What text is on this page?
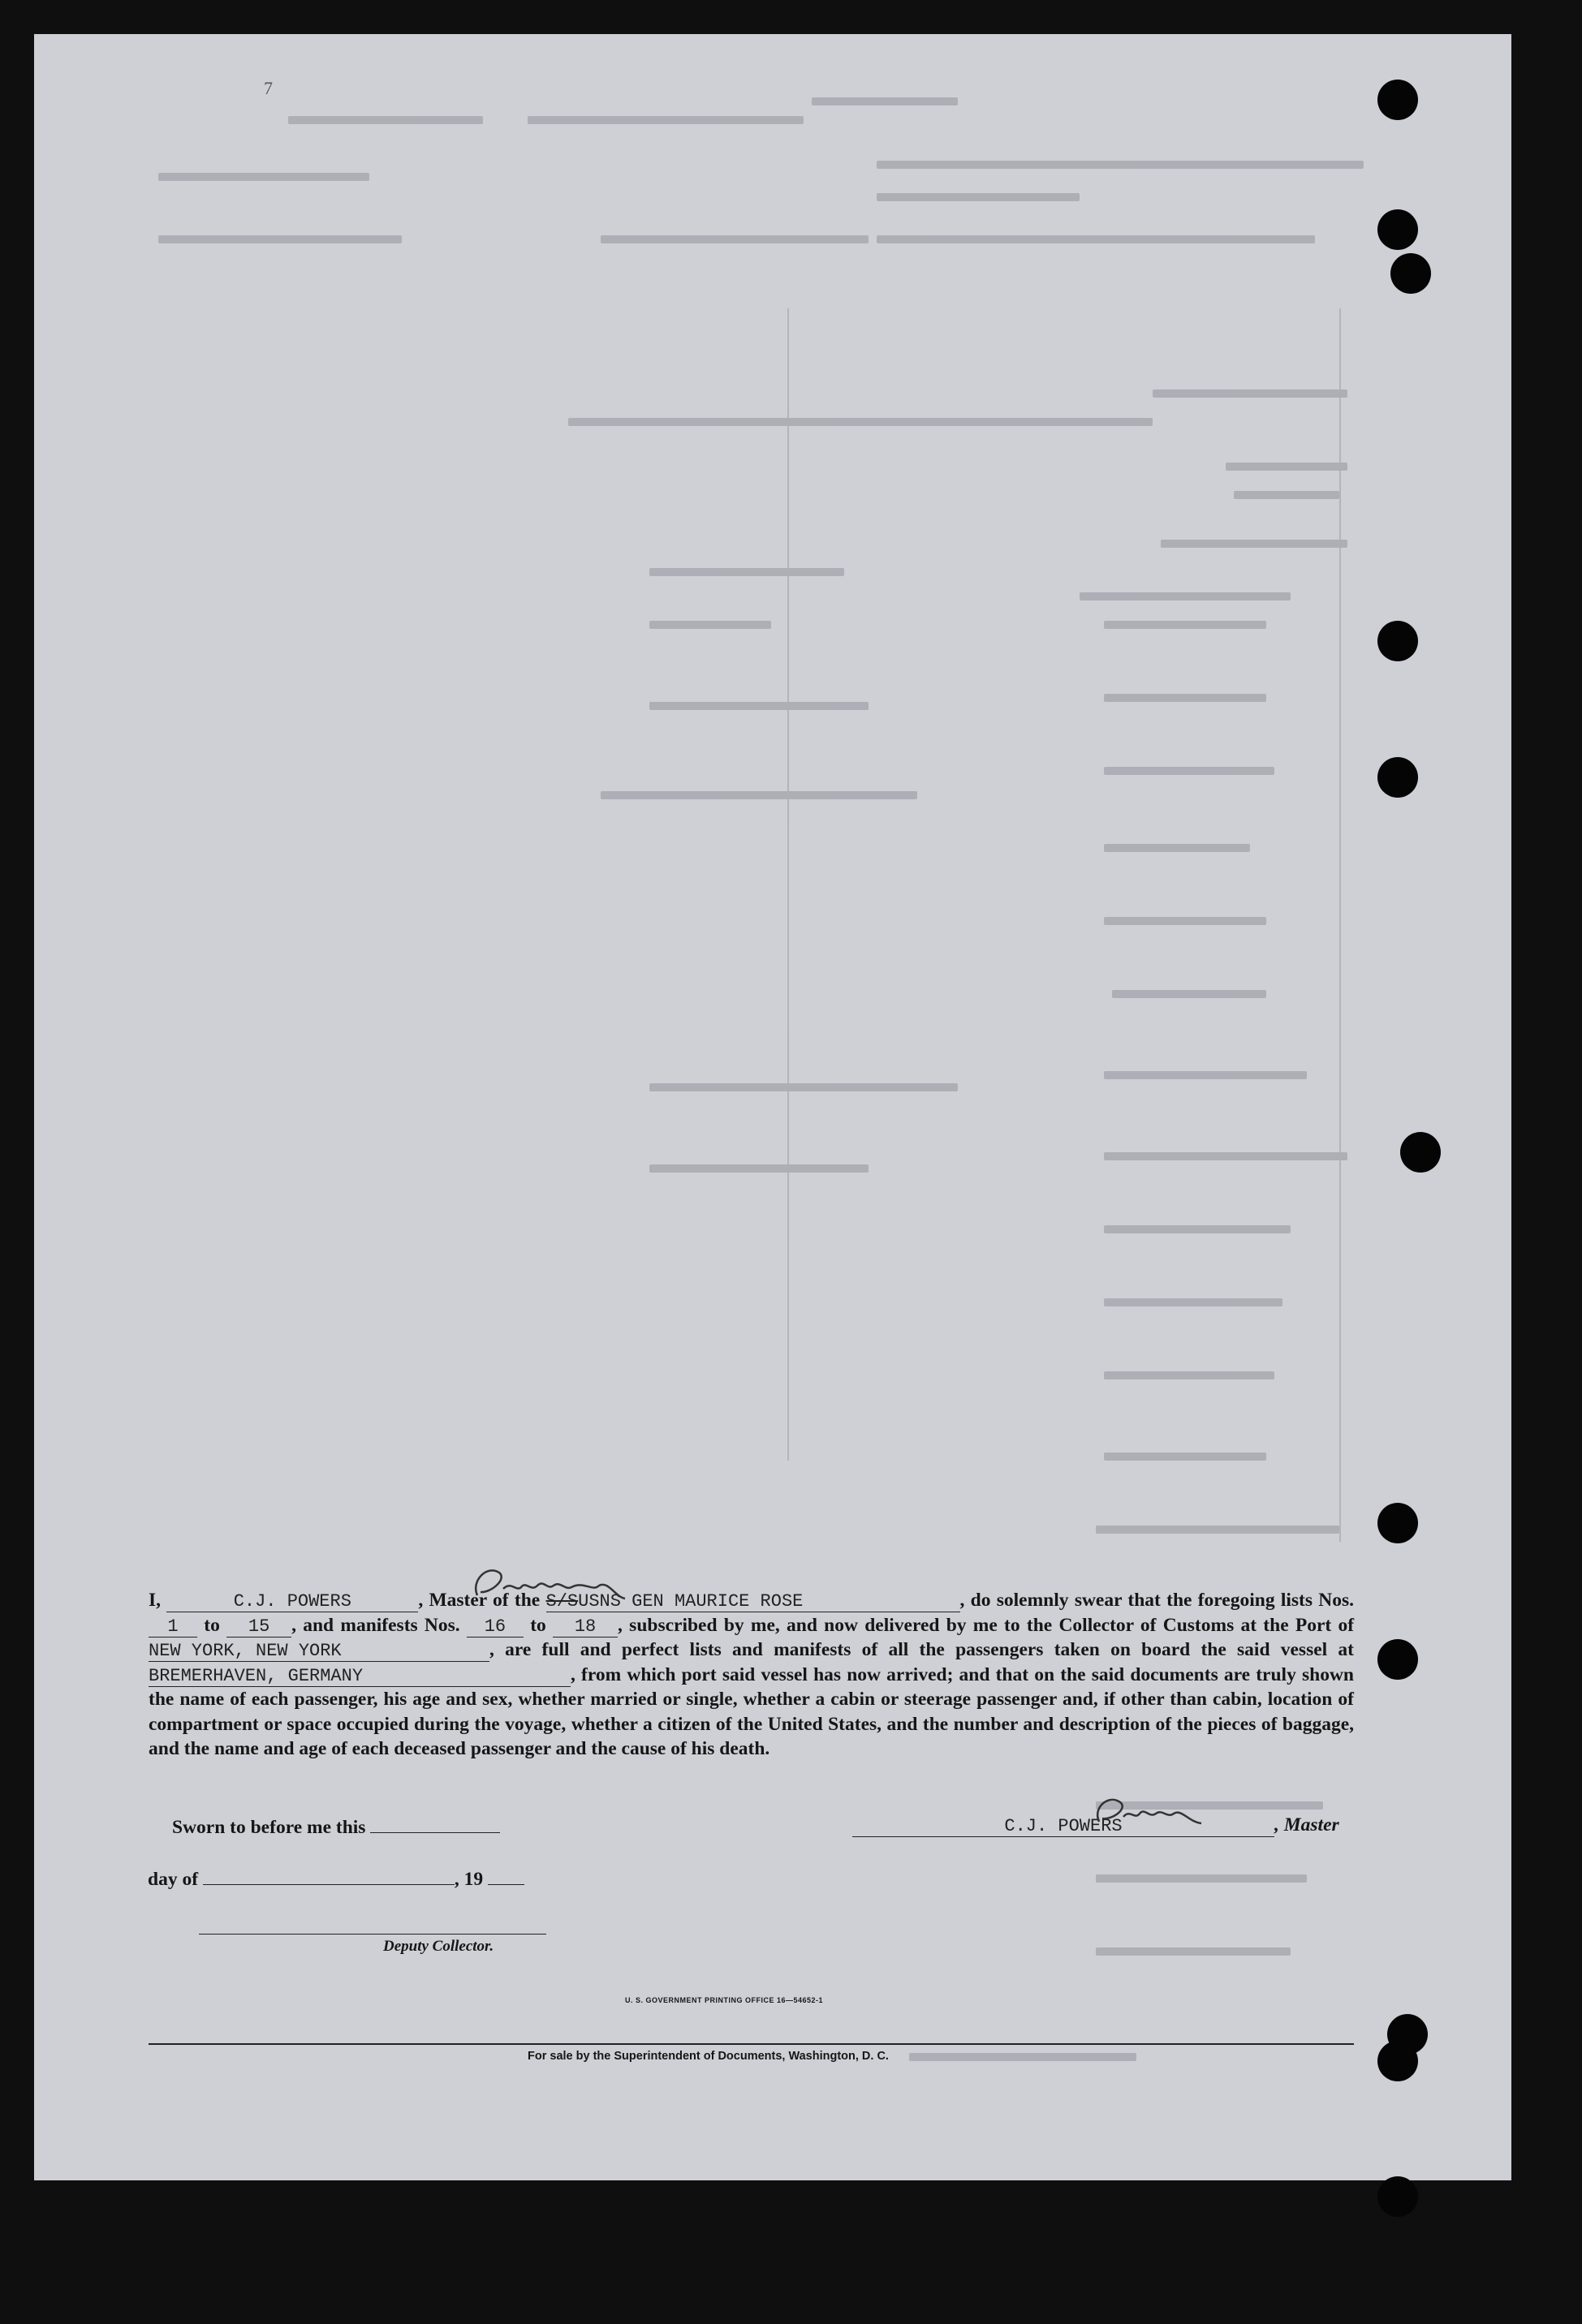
7
I,	C.J. POWERS	, Master of the S/SUSNS GEN MAURICE ROSE	, do solemnly swear that the foregoing lists Nos. 1 to 15 , and manifests Nos. 16 to 18 , subscribed by me, and now delivered by me to the Collector of Customs at the Port of NEW YORK, NEW YORK	, are full and perfect lists and manifests of all the passengers taken on board the said vessel at BREMERHAVEN, GERMANY	, from which port said vessel has now arrived; and that on the said documents are truly shown the name of each passenger, his age and sex, whether married or single, whether a cabin or steerage passenger and, if other than cabin, location of compartment or space occupied during the voyage, whether a citizen of the United States, and the number and description of the pieces of baggage, and the name and age of each deceased passenger and the cause of his death.
Sworn to before me this	C.J. POWERS	, Master
day of	, 19
Deputy Collector.
U. S. GOVERNMENT PRINTING OFFICE 16—54652-1
For sale by the Superintendent of Documents, Washington, D. C.
